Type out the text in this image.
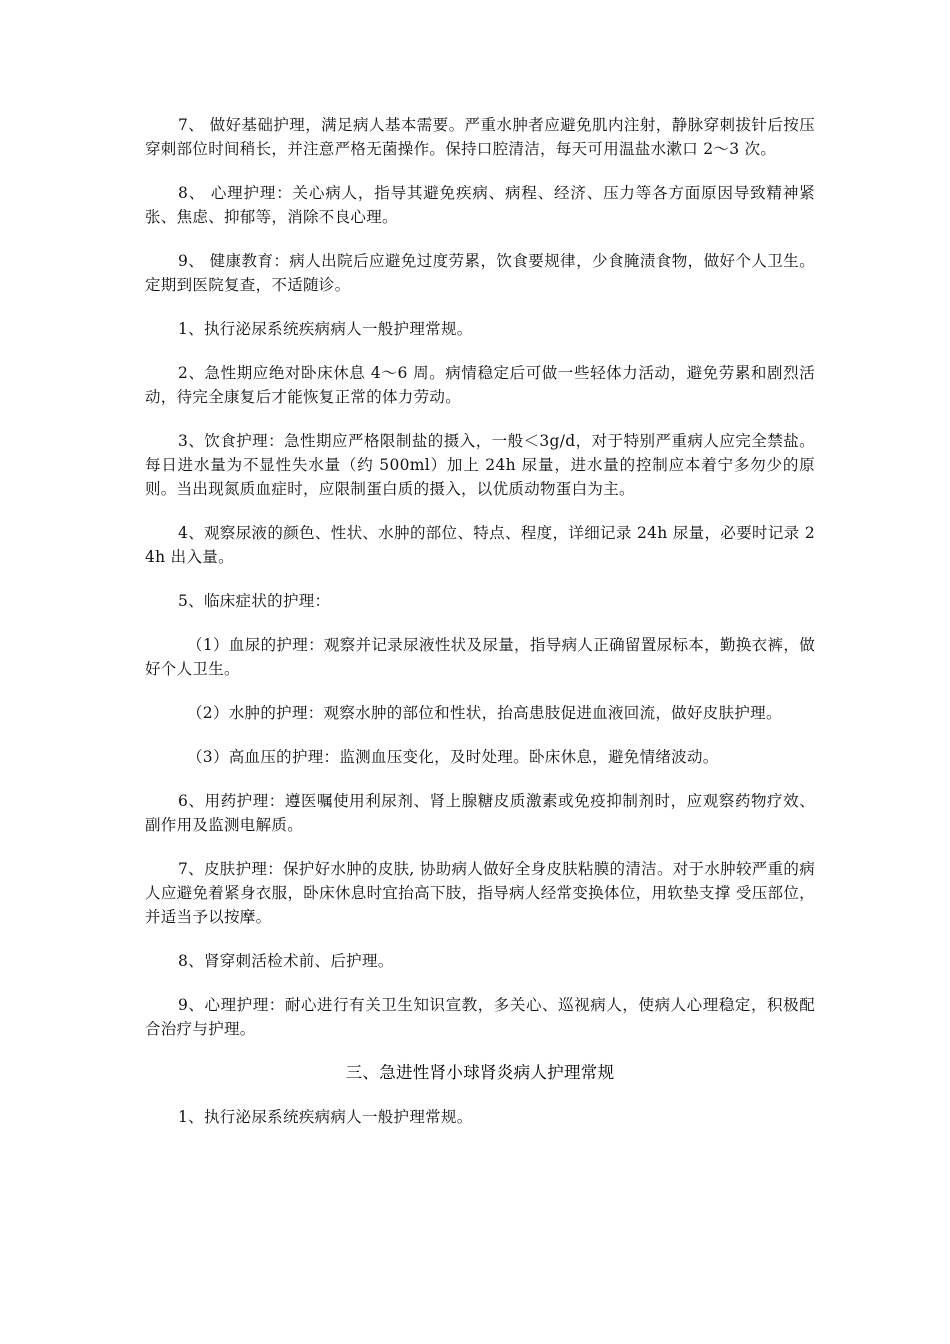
7、 做好基础护理，满足病人基本需要。严重水肿者应避免肌内注射，静脉穿刺拔针后按压穿刺部位时间稍长，并注意严格无菌操作。保持口腔清洁，每天可用温盐水漱口 2～3 次。

8、 心理护理：关心病人，指导其避免疾病、病程、经济、压力等各方面原因导致精神紧张、焦虑、抑郁等，消除不良心理。

9、 健康教育：病人出院后应避免过度劳累，饮食要规律，少食腌渍食物，做好个人卫生。定期到医院复查，不适随诊。

1、执行泌尿系统疾病病人一般护理常规。

2、急性期应绝对卧床休息 4～6 周。病情稳定后可做一些轻体力活动，避免劳累和剧烈活动，待完全康复后才能恢复正常的体力劳动。

3、饮食护理：急性期应严格限制盐的摄入，一般＜3g/d，对于特别严重病人应完全禁盐。每日进水量为不显性失水量（约 500ml）加上 24h 尿量，进水量的控制应本着宁多勿少的原则。当出现氮质血症时，应限制蛋白质的摄入，以优质动物蛋白为主。

4、观察尿液的颜色、性状、水肿的部位、特点、程度，详细记录 24h 尿量，必要时记录 24h 出入量。

5、临床症状的护理：

（1）血尿的护理：观察并记录尿液性状及尿量，指导病人正确留置尿标本，勤换衣裤，做好个人卫生。

（2）水肿的护理：观察水肿的部位和性状，抬高患肢促进血液回流，做好皮肤护理。

（3）高血压的护理：监测血压变化，及时处理。卧床休息，避免情绪波动。

6、用药护理：遵医嘱使用利尿剂、肾上腺糖皮质激素或免疫抑制剂时，应观察药物疗效、副作用及监测电解质。

7、皮肤护理：保护好水肿的皮肤, 协助病人做好全身皮肤粘膜的清洁。对于水肿较严重的病人应避免着紧身衣服，卧床休息时宜抬高下肢，指导病人经常变换体位，用软垫支撑 受压部位，并适当予以按摩。

8、肾穿刺活检术前、后护理。

9、心理护理：耐心进行有关卫生知识宣教，多关心、巡视病人，使病人心理稳定，积极配合治疗与护理。

三、急进性肾小球肾炎病人护理常规

1、执行泌尿系统疾病病人一般护理常规。
